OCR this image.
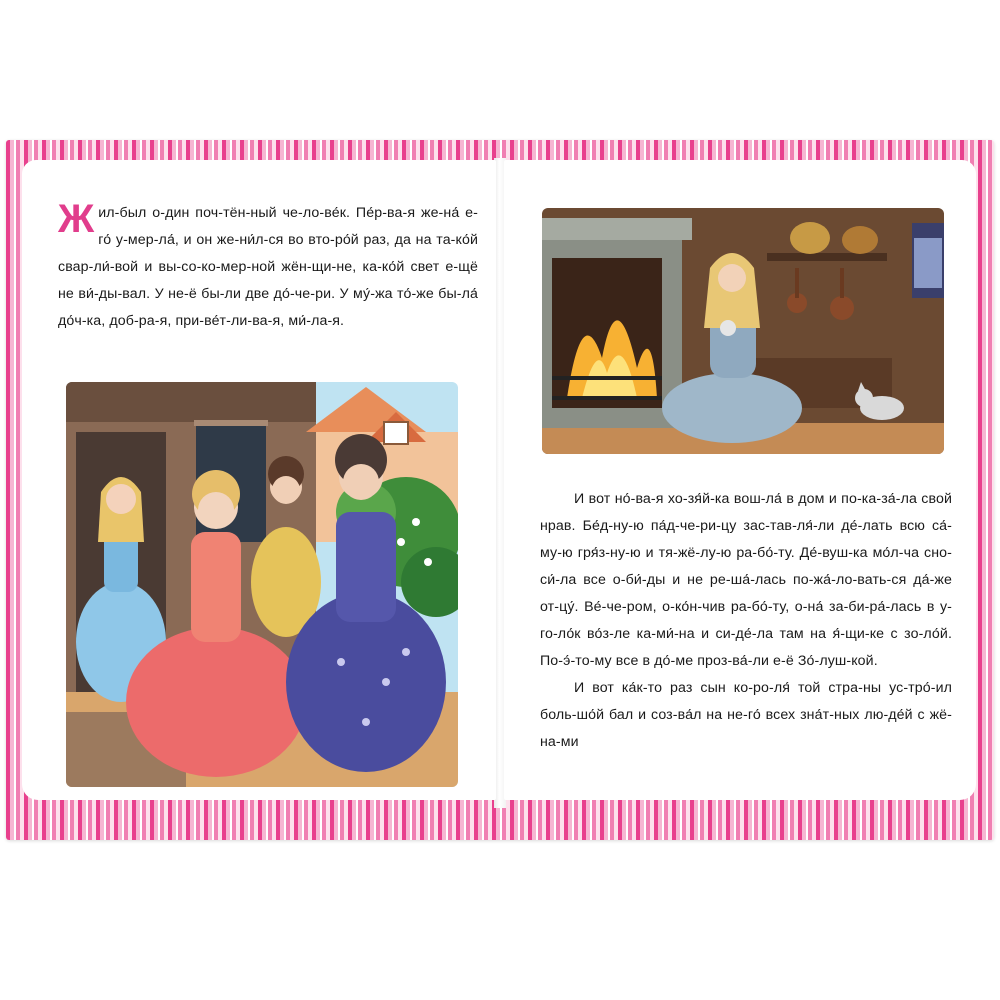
Жил-был о-дин поч-тён-ный че-ло-ве́к. Пе́р-ва-я же-на́ е-го́ у-мер-ла́, и он же-ни́л-ся во вто-ро́й раз, да на та-ко́й свар-ли́-вой и вы-со-ко-мер-ной жён-щи-не, ка-ко́й свет е-щё не ви́-ды-вал. У не-ё бы-ли две до́-че-ри. У му́-жа то́-же бы-ла́ до́ч-ка, доб-ра-я, при-ве́т-ли-ва-я, ми́-ла-я.

И вот но́-ва-я хо-зя́й-ка вош-ла́ в дом и по-ка-за́-ла свой нрав. Бе́д-ну-ю па́д-че-ри-цу зас-тав-ля́-ли де́-лать всю са́-му-ю гря́з-ну-ю и тя-жё-лу-ю ра-бо́-ту. Де́-вуш-ка мо́л-ча сно-си́-ла все о-би́-ды и не ре-ша́-лась по-жа́-ло-вать-ся да́-же от-цу́. Ве́-че-ром, о-ко́н-чив ра-бо́-ту, о-на́ за-би-ра́-лась в у-го-ло́к во́з-ле ка-ми́-на и си-де́-ла там на я́-щи-ке с зо-ло́й. По-э́-то-му все в до́-ме проз-ва́-ли е-ё Зо́-луш-кой.

И вот ка́к-то раз сын ко-ро-ля́ той стра-ны ус-тро́-ил боль-шо́й бал и соз-ва́л на не-го́ всех зна́т-ных лю-де́й с жё-на-ми
